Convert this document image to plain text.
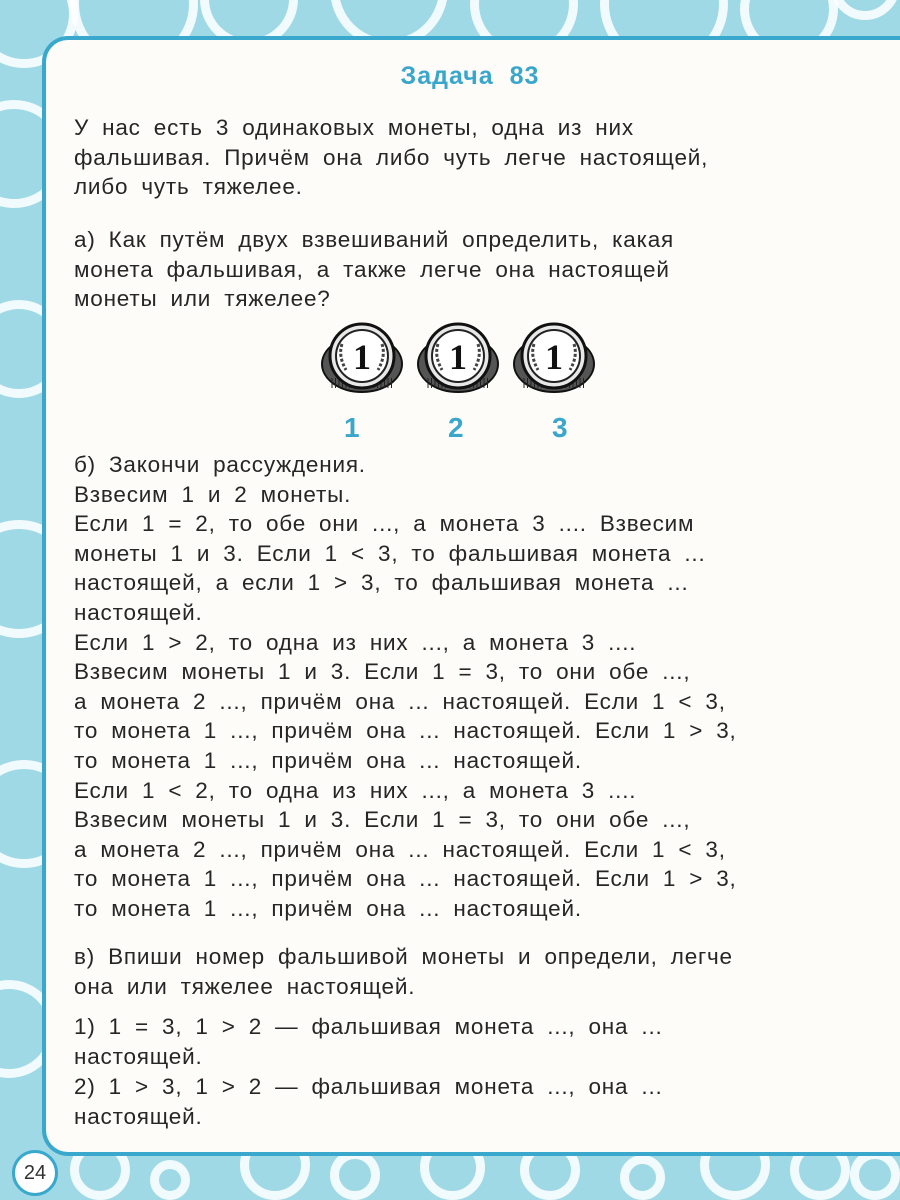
Задача 83
У нас есть 3 одинаковых монеты, одна из них
фальшивая. Причём она либо чуть легче настоящей,
либо чуть тяжелее.
а) Как путём двух взвешиваний определить, какая
монета фальшивая, а также легче она настоящей
монеты или тяжелее?
1 1 1
1	2	3
б) Закончи рассуждения.
Взвесим 1 и 2 монеты.
Если 1 = 2, то обе они ..., а монета 3 .... Взвесим
монеты 1 и 3. Если 1 < 3, то фальшивая монета ...
настоящей, а если 1 > 3, то фальшивая монета ...
настоящей.
Если 1 > 2, то одна из них ..., а монета 3 ....
Взвесим монеты 1 и 3. Если 1 = 3, то они обе ...,
а монета 2 ..., причём она ... настоящей. Если 1 < 3,
то монета 1 ..., причём она ... настоящей. Если 1 > 3,
то монета 1 ..., причём она ... настоящей.
Если 1 < 2, то одна из них ..., а монета 3 ....
Взвесим монеты 1 и 3. Если 1 = 3, то они обе ...,
а монета 2 ..., причём она ... настоящей. Если 1 < 3,
то монета 1 ..., причём она ... настоящей. Если 1 > 3,
то монета 1 ..., причём она ... настоящей.
в) Впиши номер фальшивой монеты и определи, легче
она или тяжелее настоящей.
1) 1 = 3, 1 > 2 — фальшивая монета ..., она ...
настоящей.
2) 1 > 3, 1 > 2 — фальшивая монета ..., она ...
настоящей.
24
